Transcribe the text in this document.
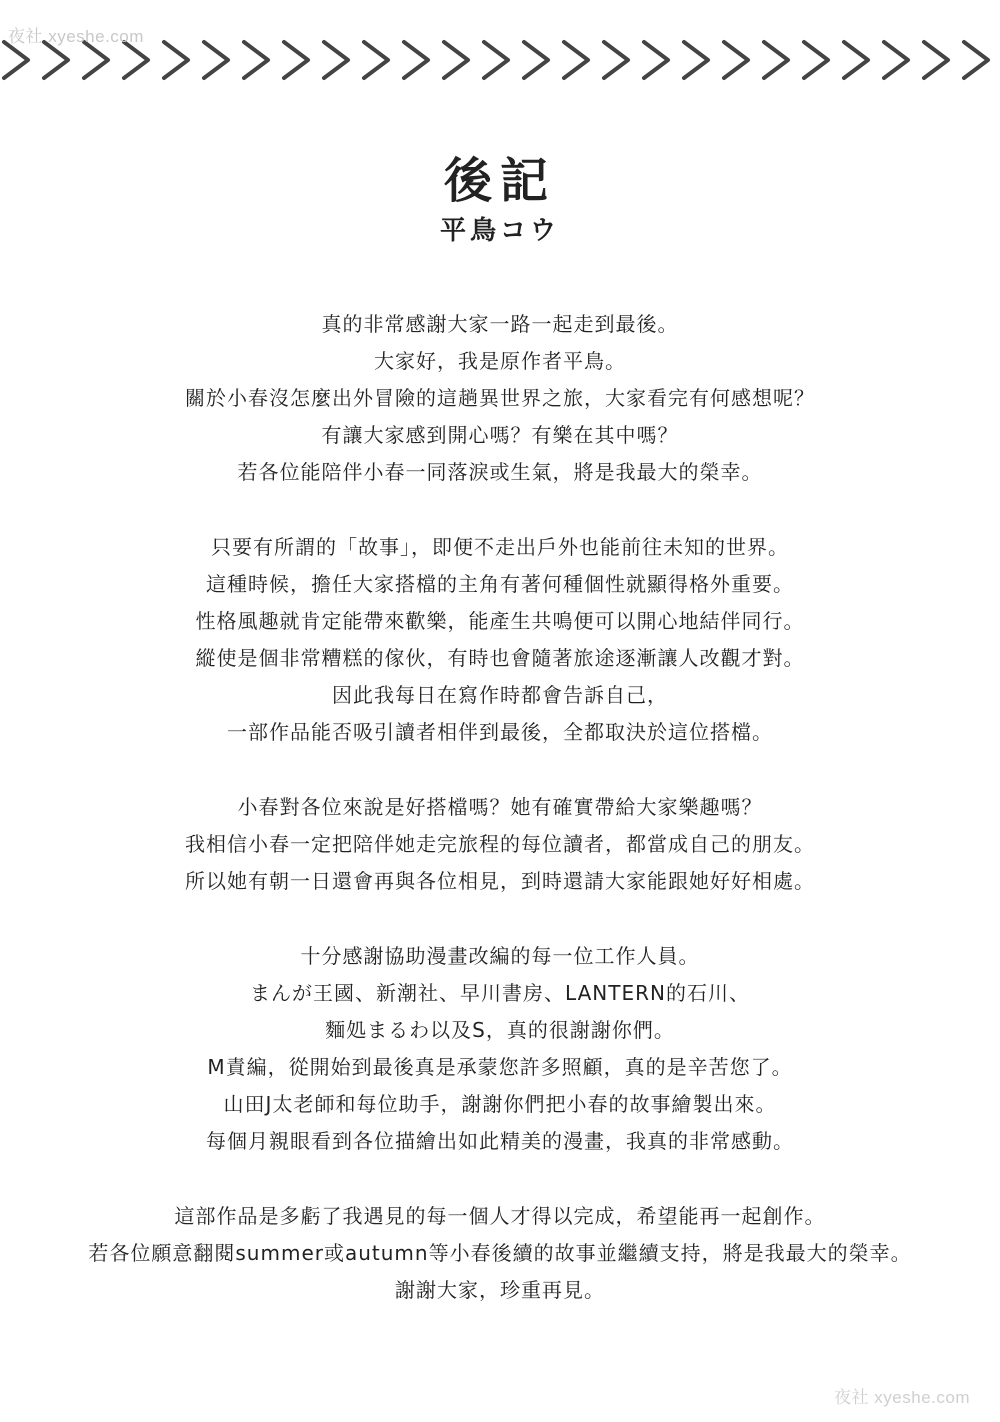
夜社 xyeshe.com
後記
平鳥コウ
真的非常感謝大家一路一起走到最後。
大家好，我是原作者平鳥。
關於小春沒怎麼出外冒險的這趟異世界之旅，大家看完有何感想呢？
有讓大家感到開心嗎？有樂在其中嗎？
若各位能陪伴小春一同落淚或生氣，將是我最大的榮幸。
只要有所謂的「故事」，即便不走出戶外也能前往未知的世界。
這種時候，擔任大家搭檔的主角有著何種個性就顯得格外重要。
性格風趣就肯定能帶來歡樂，能產生共鳴便可以開心地結伴同行。
縱使是個非常糟糕的傢伙，有時也會隨著旅途逐漸讓人改觀才對。
因此我每日在寫作時都會告訴自己，
一部作品能否吸引讀者相伴到最後，全都取決於這位搭檔。
小春對各位來說是好搭檔嗎？她有確實帶給大家樂趣嗎？
我相信小春一定把陪伴她走完旅程的每位讀者，都當成自己的朋友。
所以她有朝一日還會再與各位相見，到時還請大家能跟她好好相處。
十分感謝協助漫畫改編的每一位工作人員。
まんが王國、新潮社、早川書房、LANTERN的石川、
麵処まるわ以及S，真的很謝謝你們。
M責編，從開始到最後真是承蒙您許多照顧，真的是辛苦您了。
山田J太老師和每位助手，謝謝你們把小春的故事繪製出來。
每個月親眼看到各位描繪出如此精美的漫畫，我真的非常感動。
這部作品是多虧了我遇見的每一個人才得以完成，希望能再一起創作。
若各位願意翻閱summer或autumn等小春後續的故事並繼續支持，將是我最大的榮幸。
謝謝大家，珍重再見。
夜社 xyeshe.com
